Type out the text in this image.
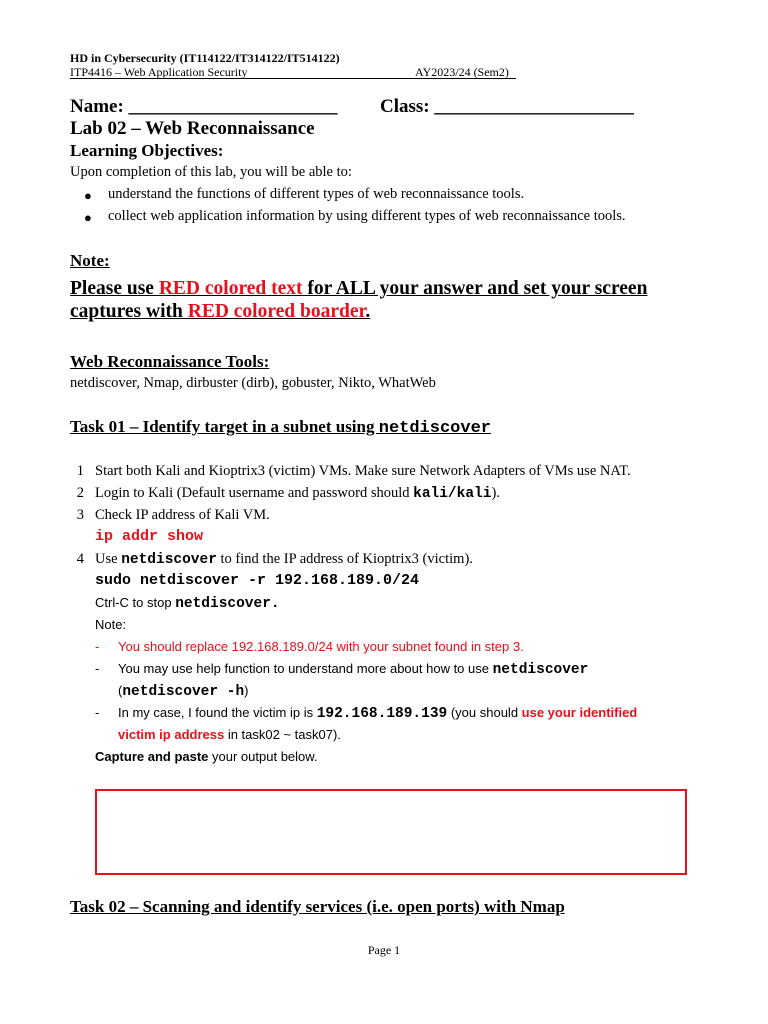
HD in Cybersecurity (IT114122/IT314122/IT514122)
ITP4416 – Web Application Security	AY2023/24 (Sem2)
Name: ______________________ Class: _____________________
Lab 02 – Web Reconnaissance
Learning Objectives:
Upon completion of this lab, you will be able to:
● understand the functions of different types of web reconnaissance tools.
● collect web application information by using different types of web reconnaissance tools.
Note:
Please use RED colored text for ALL your answer and set your screen captures with RED colored boarder.
Web Reconnaissance Tools:
netdiscover, Nmap, dirbuster (dirb), gobuster, Nikto, WhatWeb
Task 01 – Identify target in a subnet using netdiscover
1 Start both Kali and Kioptrix3 (victim) VMs. Make sure Network Adapters of VMs use NAT.
2 Login to Kali (Default username and password should kali/kali).
3 Check IP address of Kali VM.
ip addr show
4 Use netdiscover to find the IP address of Kioptrix3 (victim).
sudo netdiscover -r 192.168.189.0/24
Ctrl-C to stop netdiscover.
Note:
- You should replace 192.168.189.0/24 with your subnet found in step 3.
- You may use help function to understand more about how to use netdiscover
(netdiscover -h)
- In my case, I found the victim ip is 192.168.189.139 (you should use your identified
victim ip address in task02 ~ task07).
Capture and paste your output below.
Task 02 – Scanning and identify services (i.e. open ports) with Nmap
Page 1
